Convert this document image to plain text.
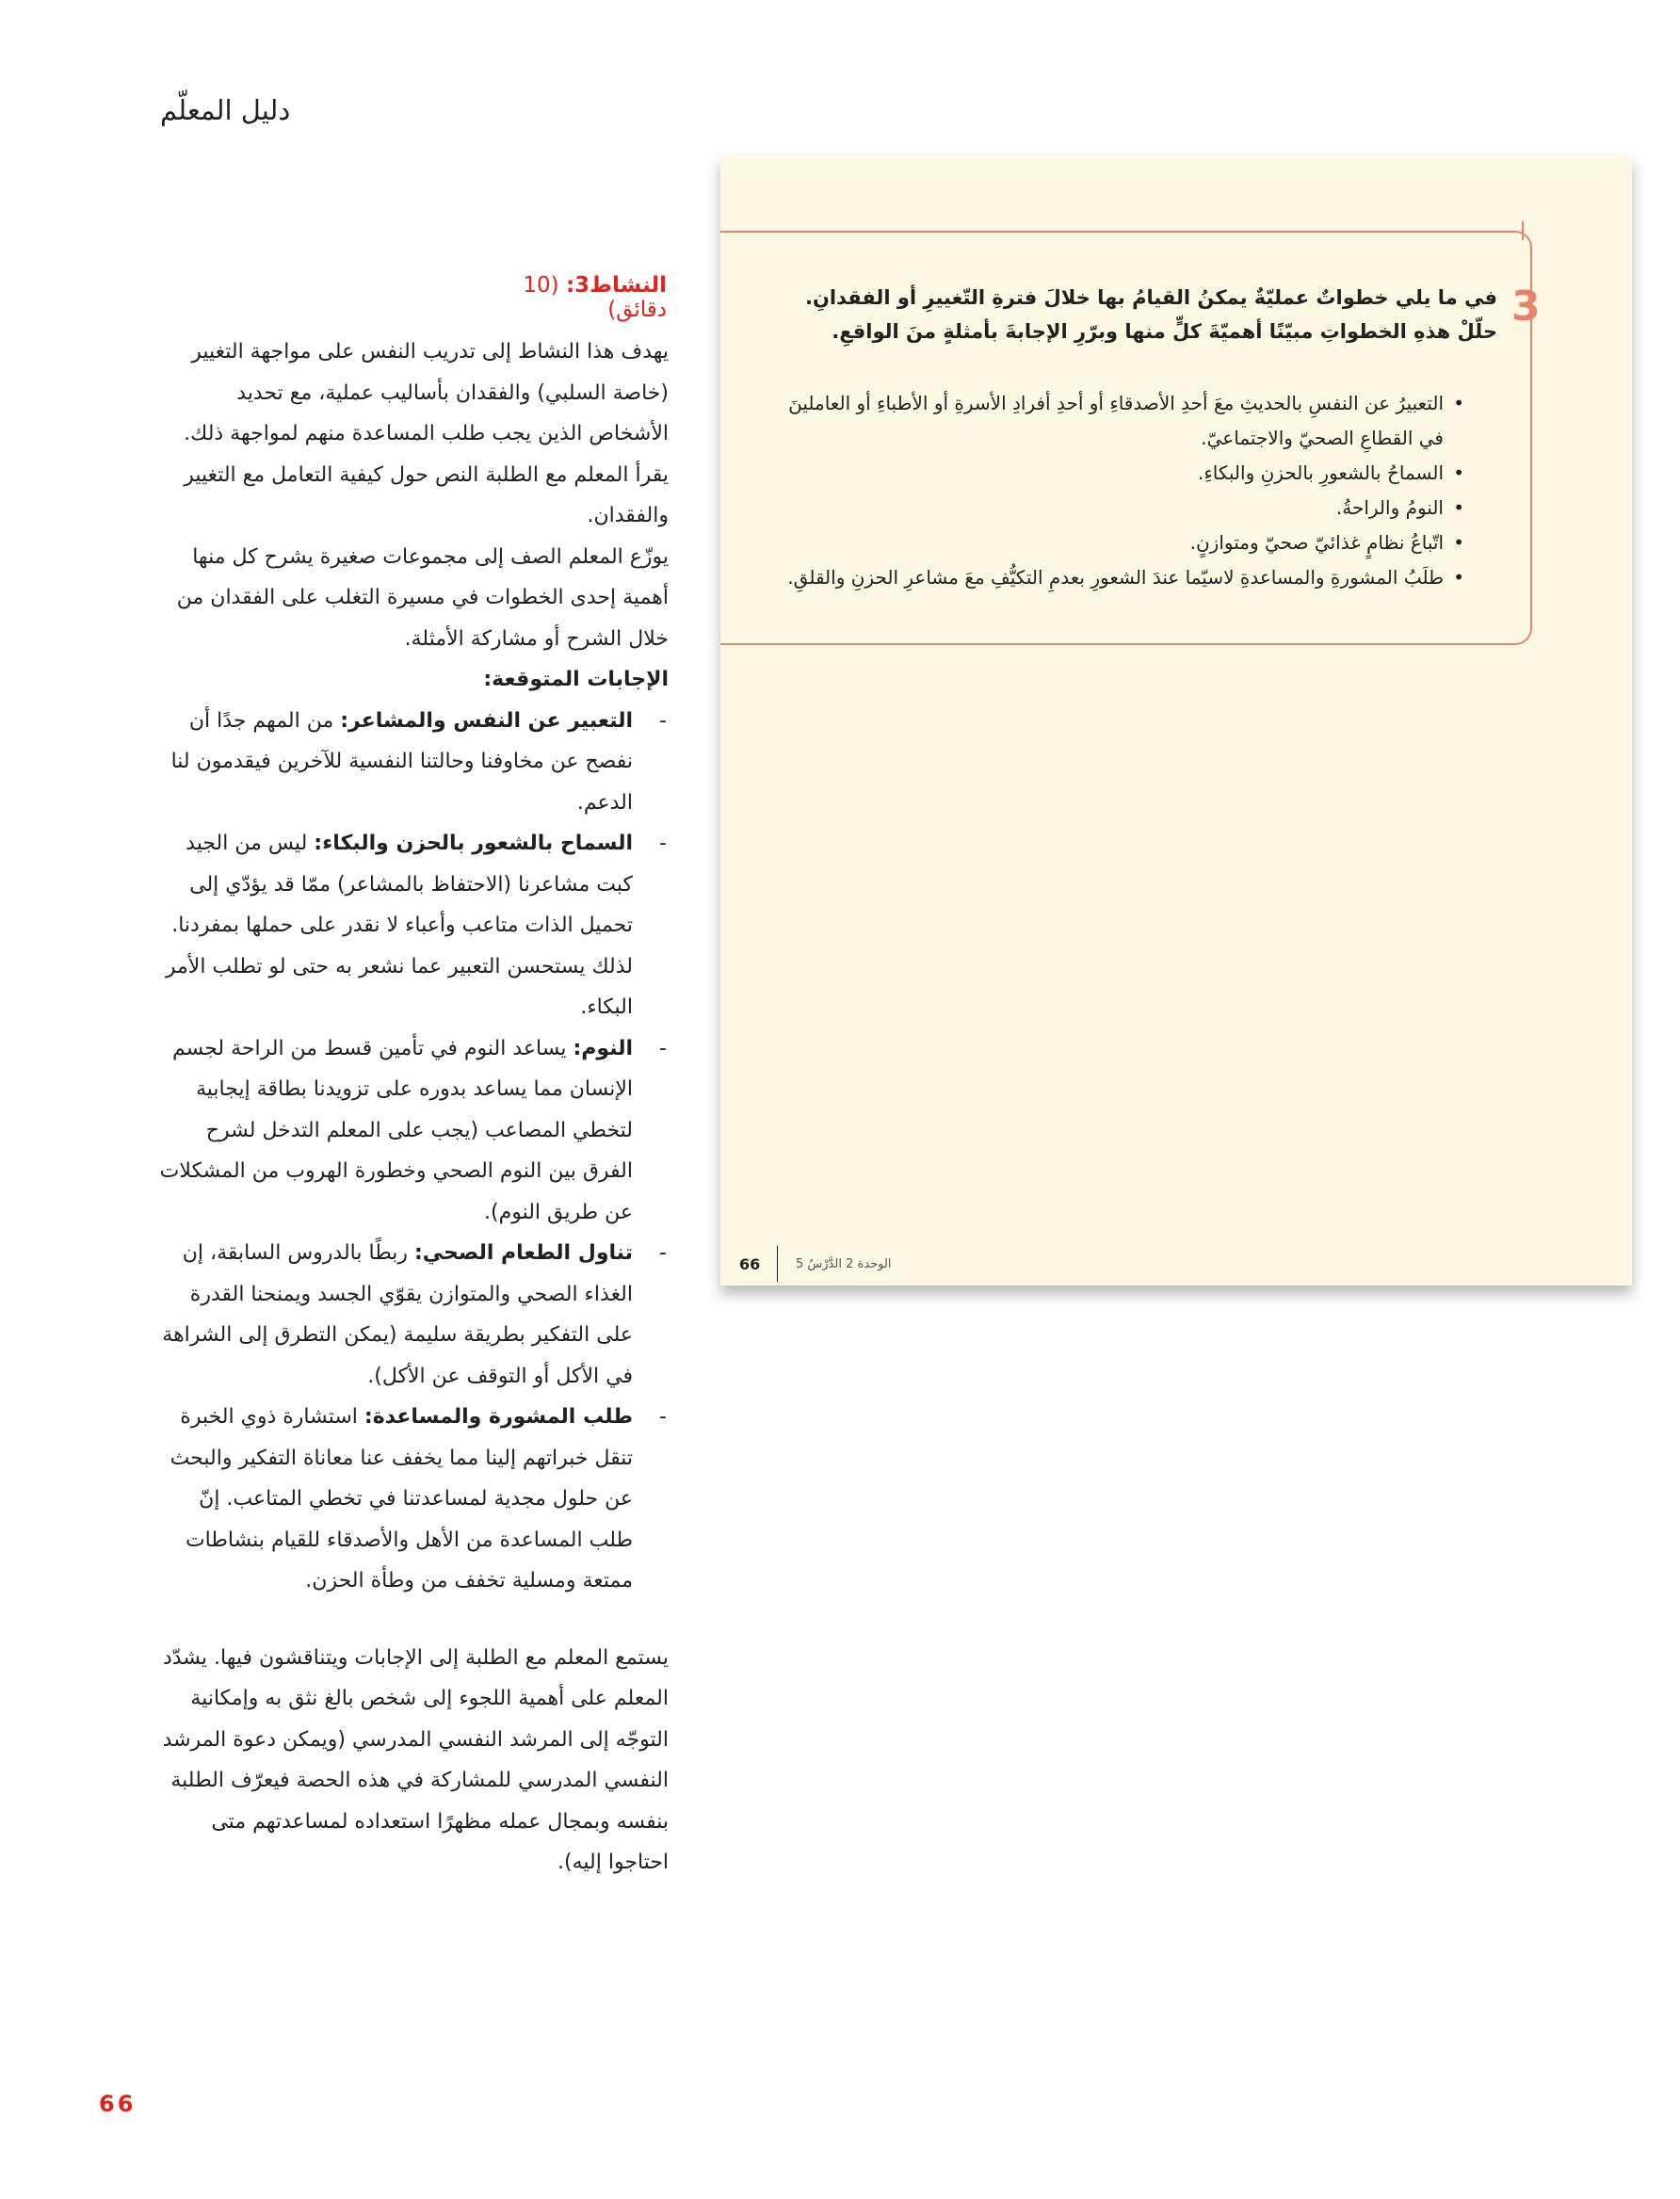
دليل المعلّم
3
في ما يلي خطواتٌ عمليّةٌ يمكنُ القيامُ بها خلالَ فترةِ التّغييرِ أو الفقدانِ. حلّلْ هذهِ الخطواتِ مبيّنًا أهميّةَ كلٍّ منها وبرّرِ الإجابةَ بأمثلةٍ منَ الواقعِ.
• التعبيرُ عن النفسِ بالحديثِ معَ أحدِ الأصدقاءِ أو أحدِ أفرادِ الأسرةِ أو الأطباءِ أو العاملينَ في القطاعِ الصحيّ والاجتماعيّ.
• السماحُ بالشعورِ بالحزنِ والبكاءِ.
• النومُ والراحةُ.
• اتّباعُ نظامٍ غذائيّ صحيّ ومتوازنٍ.
• طلَبُ المشورةِ والمساعدةِ لاسيّما عندَ الشعورِ بعدمِ التكيُّفِ معَ مشاعرِ الحزنِ والقلقِ.
66	الوحدة 2 الدَّرْسُ 5
النشاط3: (10 دقائق)

يهدف هذا النشاط إلى تدريب النفس على مواجهة التغيير (خاصة السلبي) والفقدان بأساليب عملية، مع تحديد الأشخاص الذين يجب طلب المساعدة منهم لمواجهة ذلك.

يقرأ المعلم مع الطلبة النص حول كيفية التعامل مع التغيير والفقدان.

يوزّع المعلم الصف إلى مجموعات صغيرة يشرح كل منها أهمية إحدى الخطوات في مسيرة التغلب على الفقدان من خلال الشرح أو مشاركة الأمثلة.

الإجابات المتوقعة:

- التعبير عن النفس والمشاعر: من المهم جدًا أن نفصح عن مخاوفنا وحالتنا النفسية للآخرين فيقدمون لنا الدعم.
- السماح بالشعور بالحزن والبكاء: ليس من الجيد كبت مشاعرنا (الاحتفاظ بالمشاعر) ممّا قد يؤدّي إلى تحميل الذات متاعب وأعباء لا نقدر على حملها بمفردنا. لذلك يستحسن التعبير عما نشعر به حتى لو تطلب الأمر البكاء.
- النوم: يساعد النوم في تأمين قسط من الراحة لجسم الإنسان مما يساعد بدوره على تزويدنا بطاقة إيجابية لتخطي المصاعب (يجب على المعلم التدخل لشرح الفرق بين النوم الصحي وخطورة الهروب من المشكلات عن طريق النوم).
- تناول الطعام الصحي: ربطًا بالدروس السابقة، إن الغذاء الصحي والمتوازن يقوّي الجسد ويمنحنا القدرة على التفكير بطريقة سليمة (يمكن التطرق إلى الشراهة في الأكل أو التوقف عن الأكل).
- طلب المشورة والمساعدة: استشارة ذوي الخبرة تنقل خبراتهم إلينا مما يخفف عنا معاناة التفكير والبحث عن حلول مجدية لمساعدتنا في تخطي المتاعب. إنّ طلب المساعدة من الأهل والأصدقاء للقيام بنشاطات ممتعة ومسلية تخفف من وطأة الحزن.

يستمع المعلم مع الطلبة إلى الإجابات ويتناقشون فيها. يشدّد المعلم على أهمية اللجوء إلى شخص بالغ نثق به وإمكانية التوجّه إلى المرشد النفسي المدرسي (ويمكن دعوة المرشد النفسي المدرسي للمشاركة في هذه الحصة فيعرّف الطلبة بنفسه وبمجال عمله مظهرًا استعداده لمساعدتهم متى احتاجوا إليه).

66
